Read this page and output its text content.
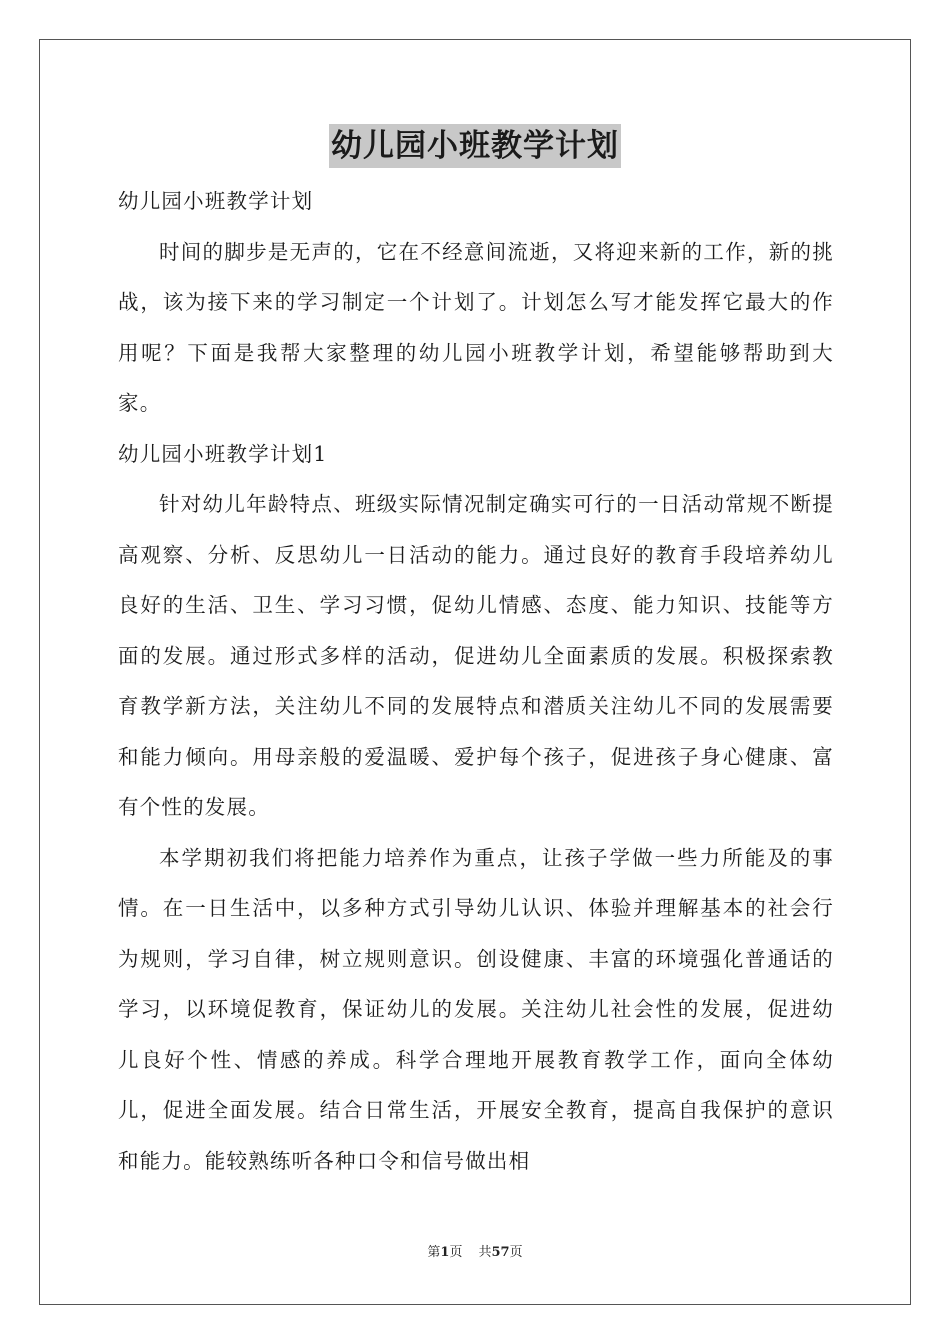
幼儿园小班教学计划

幼儿园小班教学计划

时间的脚步是无声的，它在不经意间流逝，又将迎来新的工作，新的挑战，该为接下来的学习制定一个计划了。计划怎么写才能发挥它最大的作用呢？下面是我帮大家整理的幼儿园小班教学计划，希望能够帮助到大家。

幼儿园小班教学计划1

针对幼儿年龄特点、班级实际情况制定确实可行的一日活动常规不断提高观察、分析、反思幼儿一日活动的能力。通过良好的教育手段培养幼儿良好的生活、卫生、学习习惯，促幼儿情感、态度、能力知识、技能等方面的发展。通过形式多样的活动，促进幼儿全面素质的发展。积极探索教育教学新方法，关注幼儿不同的发展特点和潜质关注幼儿不同的发展需要和能力倾向。用母亲般的爱温暖、爱护每个孩子，促进孩子身心健康、富有个性的发展。

本学期初我们将把能力培养作为重点，让孩子学做一些力所能及的事情。在一日生活中，以多种方式引导幼儿认识、体验并理解基本的社会行为规则，学习自律，树立规则意识。创设健康、丰富的环境强化普通话的学习，以环境促教育，保证幼儿的发展。关注幼儿社会性的发展，促进幼儿良好个性、情感的养成。科学合理地开展教育教学工作，面向全体幼儿，促进全面发展。结合日常生活，开展安全教育，提高自我保护的意识和能力。能较熟练听各种口令和信号做出相

第1页 共57页
